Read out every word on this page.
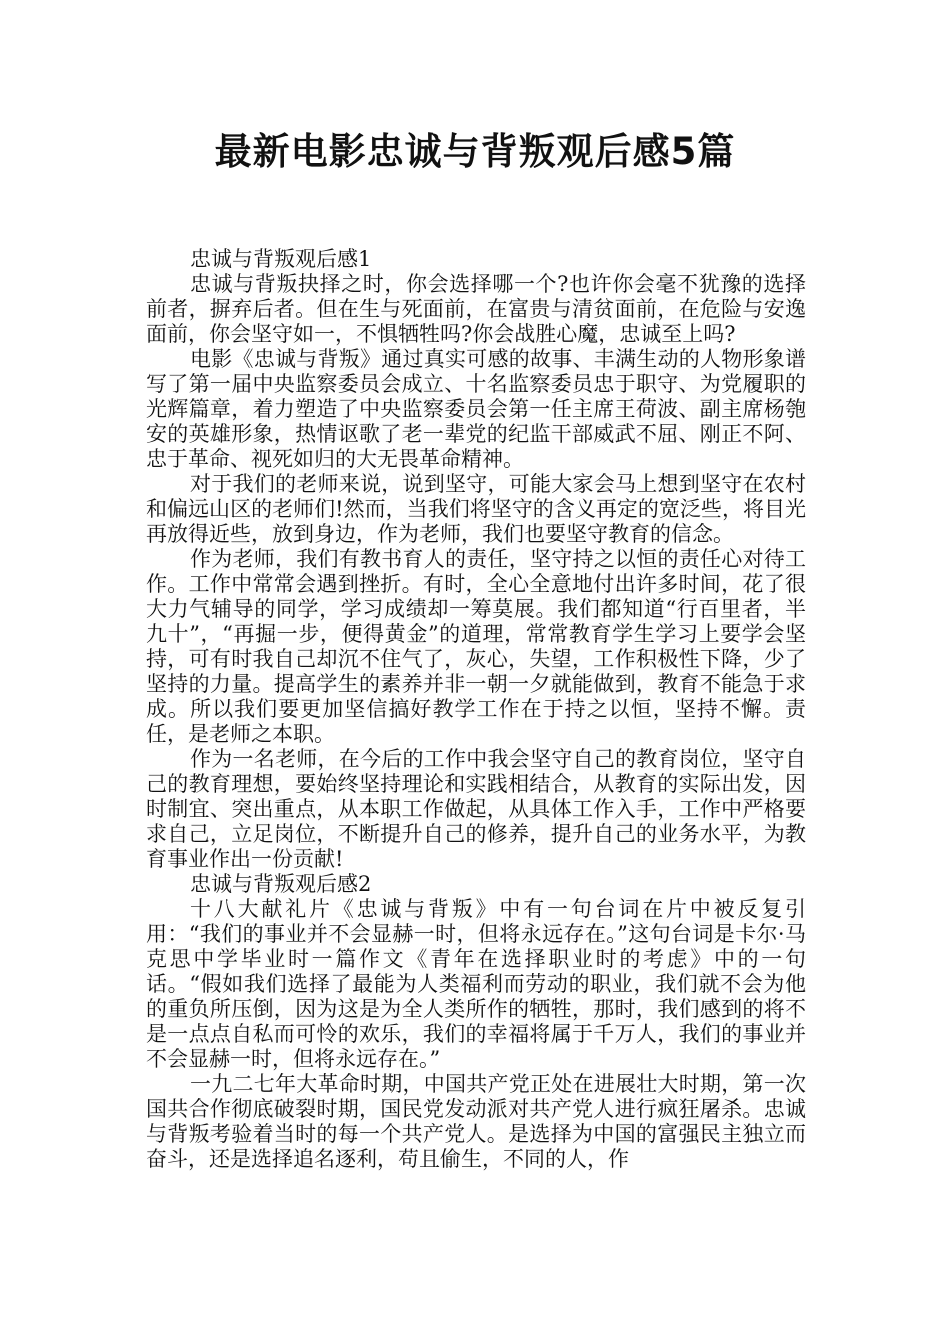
最新电影忠诚与背叛观后感5篇

忠诚与背叛观后感1

忠诚与背叛抉择之时，你会选择哪一个?也许你会毫不犹豫的选择前者，摒弃后者。但在生与死面前，在富贵与清贫面前，在危险与安逸面前，你会坚守如一，不惧牺牲吗?你会战胜心魔，忠诚至上吗?

电影《忠诚与背叛》通过真实可感的故事、丰满生动的人物形象谱写了第一届中央监察委员会成立、十名监察委员忠于职守、为党履职的光辉篇章，着力塑造了中央监察委员会第一任主席王荷波、副主席杨匏安的英雄形象，热情讴歌了老一辈党的纪监干部威武不屈、刚正不阿、忠于革命、视死如归的大无畏革命精神。

对于我们的老师来说，说到坚守，可能大家会马上想到坚守在农村和偏远山区的老师们!然而，当我们将坚守的含义再定的宽泛些，将目光再放得近些，放到身边，作为老师，我们也要坚守教育的信念。

作为老师，我们有教书育人的责任，坚守持之以恒的责任心对待工作。工作中常常会遇到挫折。有时，全心全意地付出许多时间，花了很大力气辅导的同学，学习成绩却一筹莫展。我们都知道“行百里者，半九十”，“再掘一步，便得黄金”的道理，常常教育学生学习上要学会坚持，可有时我自己却沉不住气了，灰心，失望，工作积极性下降，少了坚持的力量。提高学生的素养并非一朝一夕就能做到，教育不能急于求成。所以我们要更加坚信搞好教学工作在于持之以恒，坚持不懈。责任，是老师之本职。

作为一名老师，在今后的工作中我会坚守自己的教育岗位，坚守自己的教育理想，要始终坚持理论和实践相结合，从教育的实际出发，因时制宜、突出重点，从本职工作做起，从具体工作入手，工作中严格要求自己，立足岗位，不断提升自己的修养，提升自己的业务水平，为教育事业作出一份贡献!

忠诚与背叛观后感2

十八大献礼片《忠诚与背叛》中有一句台词在片中被反复引用：“我们的事业并不会显赫一时，但将永远存在。”这句台词是卡尔·马克思中学毕业时一篇作文《青年在选择职业时的考虑》中的一句话。“假如我们选择了最能为人类福利而劳动的职业，我们就不会为他的重负所压倒，因为这是为全人类所作的牺牲，那时，我们感到的将不是一点点自私而可怜的欢乐，我们的幸福将属于千万人，我们的事业并不会显赫一时，但将永远存在。”

一九二七年大革命时期，中国共产党正处在进展壮大时期，第一次国共合作彻底破裂时期，国民党发动派对共产党人进行疯狂屠杀。忠诚与背叛考验着当时的每一个共产党人。是选择为中国的富强民主独立而奋斗，还是选择追名逐利，苟且偷生，不同的人，作
